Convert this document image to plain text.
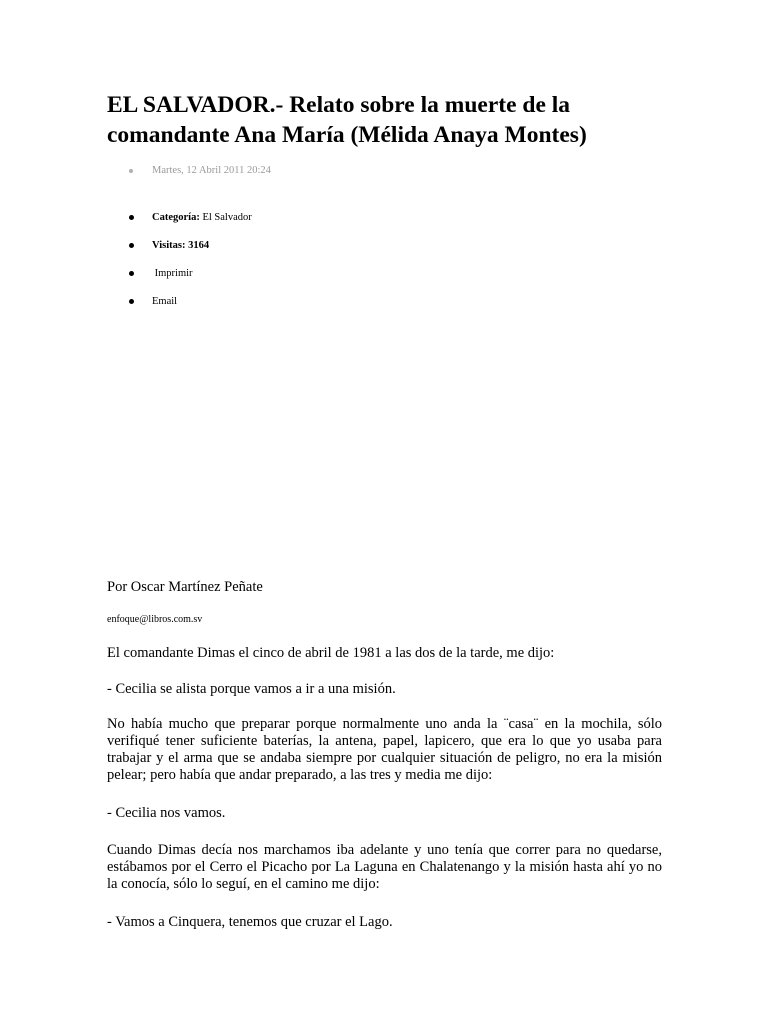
EL SALVADOR.- Relato sobre la muerte de la comandante Ana María (Mélida Anaya Montes)
Martes, 12 Abril 2011 20:24
Categoría: El Salvador
Visitas: 3164
Imprimir
Email
Por Oscar Martínez Peñate
enfoque@libros.com.sv

El comandante Dimas el cinco de abril de 1981 a las dos de la tarde, me dijo:

- Cecilia se alista porque vamos a ir a una misión.

No había mucho que preparar porque normalmente uno anda la ¨casa¨ en la mochila, sólo verifiqué tener suficiente baterías, la antena, papel, lapicero, que era lo que yo usaba para trabajar y el arma que se andaba siempre por cualquier situación de peligro, no era la misión pelear; pero había que andar preparado, a las tres y media me dijo:

- Cecilia nos vamos.

Cuando Dimas decía nos marchamos iba adelante y uno tenía que correr para no quedarse, estábamos por el Cerro el Picacho por La Laguna en Chalatenango y la misión hasta ahí yo no la conocía, sólo lo seguí, en el camino me dijo:

- Vamos a Cinquera, tenemos que cruzar el Lago.
